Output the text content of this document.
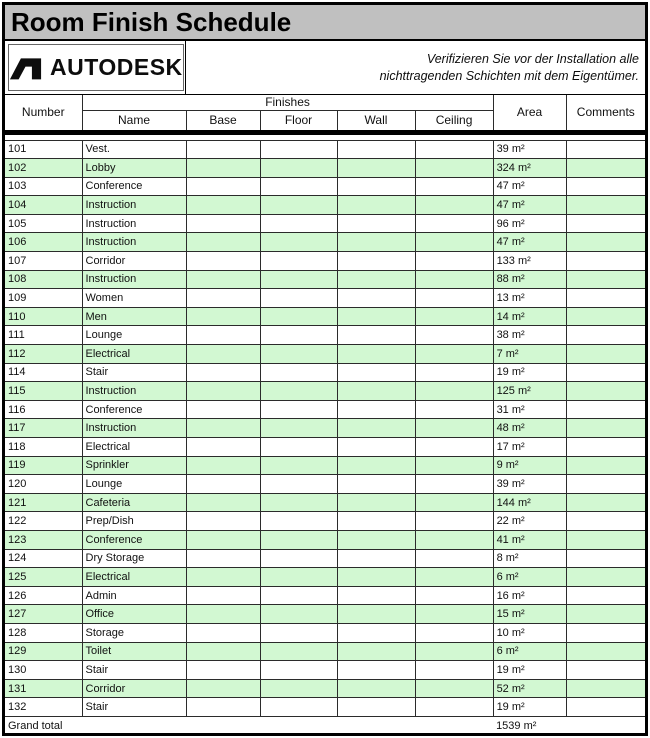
Room Finish Schedule
AUTODESK	Verifizieren Sie vor der Installation alle
nichttragenden Schichten mit dem Eigentümer.
Number	Finishes					Area	Comments
	Name	Base	Floor	Wall	Ceiling		

101	Vest.					39 m²	
102	Lobby					324 m²	
103	Conference					47 m²	
104	Instruction					47 m²	
105	Instruction					96 m²	
106	Instruction					47 m²	
107	Corridor					133 m²	
108	Instruction					88 m²	
109	Women					13 m²	
110	Men					14 m²	
111	Lounge					38 m²	
112	Electrical					7 m²	
114	Stair					19 m²	
115	Instruction					125 m²	
116	Conference					31 m²	
117	Instruction					48 m²	
118	Electrical					17 m²	
119	Sprinkler					9 m²	
120	Lounge					39 m²	
121	Cafeteria					144 m²	
122	Prep/Dish					22 m²	
123	Conference					41 m²	
124	Dry Storage					8 m²	
125	Electrical					6 m²	
126	Admin					16 m²	
127	Office					15 m²	
128	Storage					10 m²	
129	Toilet					6 m²	
130	Stair					19 m²	
131	Corridor					52 m²	
132	Stair					19 m²	
Grand total						1539 m²	
